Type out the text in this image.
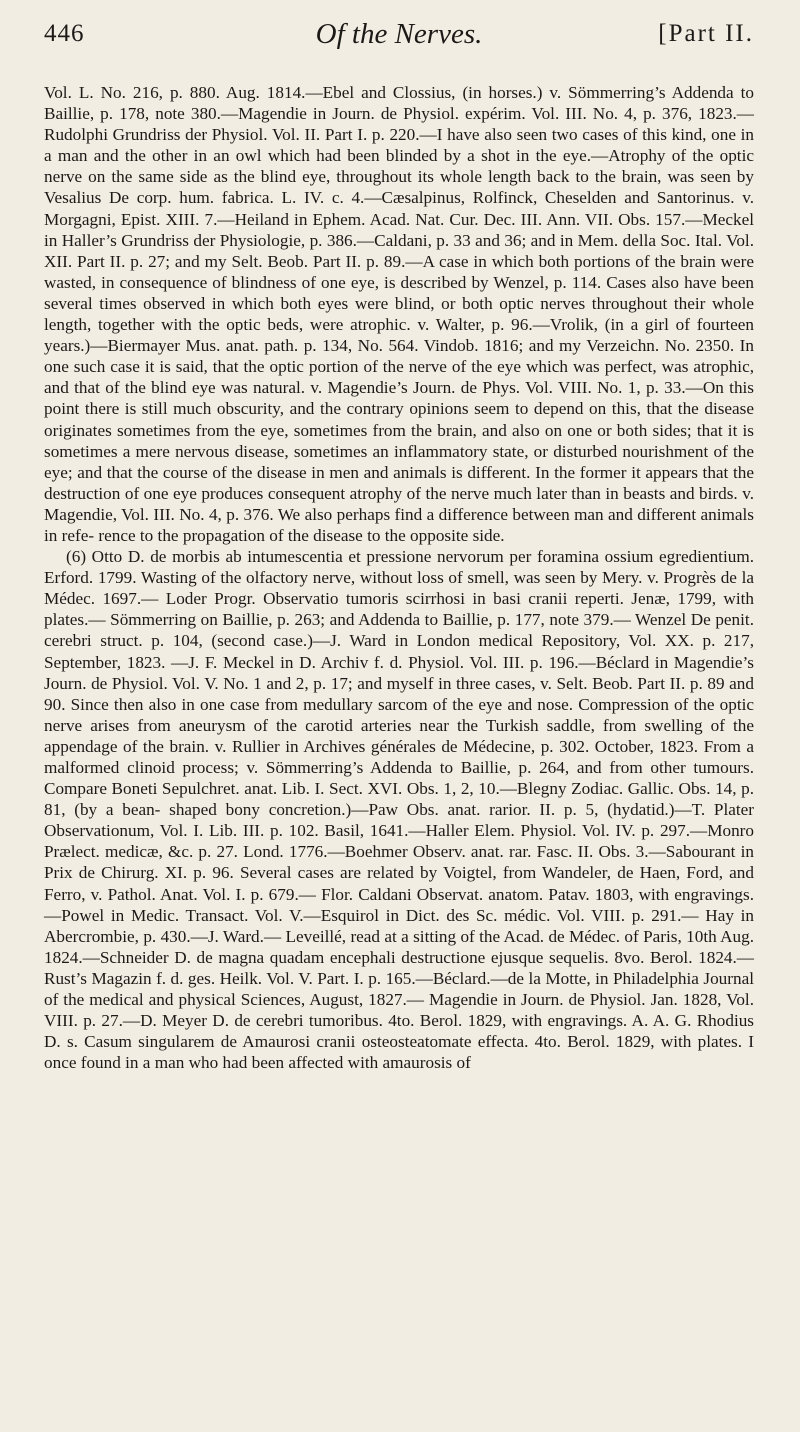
446	Of the Nerves.	[Part II.

Vol. L. No. 216, p. 880. Aug. 1814.—Ebel and Clossius, (in horses.) v. Sömmerring’s Addenda to Baillie, p. 178, note 380.—Magendie in Journ. de Physiol. expérim. Vol. III. No. 4, p. 376, 1823.—Rudolphi Grundriss der Physiol. Vol. II. Part I. p. 220.—I have also seen two cases of this kind, one in a man and the other in an owl which had been blinded by a shot in the eye.—Atrophy of the optic nerve on the same side as the blind eye, throughout its whole length back to the brain, was seen by Vesalius De corp. hum. fabrica. L. IV. c. 4.—Cæsalpinus, Rolfinck, Cheselden and Santorinus. v. Morgagni, Epist. XIII. 7.—Heiland in Ephem. Acad. Nat. Cur. Dec. III. Ann. VII. Obs. 157.—Meckel in Haller’s Grundriss der Physiologie, p. 386.—Caldani, p. 33 and 36; and in Mem. della Soc. Ital. Vol. XII. Part II. p. 27; and my Selt. Beob. Part II. p. 89.—A case in which both portions of the brain were wasted, in consequence of blindness of one eye, is described by Wenzel, p. 114. Cases also have been several times observed in which both eyes were blind, or both optic nerves throughout their whole length, together with the optic beds, were atrophic. v. Walter, p. 96.—Vrolik, (in a girl of fourteen years.)—Biermayer Mus. anat. path. p. 134, No. 564. Vindob. 1816; and my Verzeichn. No. 2350. In one such case it is said, that the optic portion of the nerve of the eye which was perfect, was atrophic, and that of the blind eye was natural. v. Magendie’s Journ. de Phys. Vol. VIII. No. 1, p. 33.—On this point there is still much obscurity, and the contrary opinions seem to depend on this, that the disease originates sometimes from the eye, sometimes from the brain, and also on one or both sides; that it is sometimes a mere nervous disease, sometimes an inflammatory state, or disturbed nourishment of the eye; and that the course of the disease in men and animals is different. In the former it appears that the destruction of one eye produces consequent atrophy of the nerve much later than in beasts and birds. v. Magendie, Vol. III. No. 4, p. 376. We also perhaps find a difference between man and different animals in refe- rence to the propagation of the disease to the opposite side.

(6) Otto D. de morbis ab intumescentia et pressione nervorum per foramina ossium egredientium. Erford. 1799. Wasting of the olfactory nerve, without loss of smell, was seen by Mery. v. Progrès de la Médec. 1697.— Loder Progr. Observatio tumoris scirrhosi in basi cranii reperti. Jenæ, 1799, with plates.— Sömmerring on Baillie, p. 263; and Addenda to Baillie, p. 177, note 379.— Wenzel De penit. cerebri struct. p. 104, (second case.)—J. Ward in London medical Repository, Vol. XX. p. 217, September, 1823. —J. F. Meckel in D. Archiv f. d. Physiol. Vol. III. p. 196.—Béclard in Magendie’s Journ. de Physiol. Vol. V. No. 1 and 2, p. 17; and myself in three cases, v. Selt. Beob. Part II. p. 89 and 90. Since then also in one case from medullary sarcom of the eye and nose. Compression of the optic nerve arises from aneurysm of the carotid arteries near the Turkish saddle, from swelling of the appendage of the brain. v. Rullier in Archives générales de Médecine, p. 302. October, 1823. From a malformed clinoid process; v. Sömmerring’s Addenda to Baillie, p. 264, and from other tumours. Compare Boneti Sepulchret. anat. Lib. I. Sect. XVI. Obs. 1, 2, 10.—Blegny Zodiac. Gallic. Obs. 14, p. 81, (by a bean- shaped bony concretion.)—Paw Obs. anat. rarior. II. p. 5, (hydatid.)—T. Plater Observationum, Vol. I. Lib. III. p. 102. Basil, 1641.—Haller Elem. Physiol. Vol. IV. p. 297.—Monro Prælect. medicæ, &c. p. 27. Lond. 1776.—Boehmer Observ. anat. rar. Fasc. II. Obs. 3.—Sabourant in Prix de Chirurg. XI. p. 96. Several cases are related by Voigtel, from Wandeler, de Haen, Ford, and Ferro, v. Pathol. Anat. Vol. I. p. 679.— Flor. Caldani Observat. anatom. Patav. 1803, with engravings.—Powel in Medic. Transact. Vol. V.—Esquirol in Dict. des Sc. médic. Vol. VIII. p. 291.— Hay in Abercrombie, p. 430.—J. Ward.— Leveillé, read at a sitting of the Acad. de Médec. of Paris, 10th Aug. 1824.—Schneider D. de magna quadam encephali destructione ejusque sequelis. 8vo. Berol. 1824.— Rust’s Magazin f. d. ges. Heilk. Vol. V. Part. I. p. 165.—Béclard.—de la Motte, in Philadelphia Journal of the medical and physical Sciences, August, 1827.— Magendie in Journ. de Physiol. Jan. 1828, Vol. VIII. p. 27.—D. Meyer D. de cerebri tumoribus. 4to. Berol. 1829, with engravings. A. A. G. Rhodius D. s. Casum singularem de Amaurosi cranii osteosteatomate effecta. 4to. Berol. 1829, with plates. I once found in a man who had been affected with amaurosis of
